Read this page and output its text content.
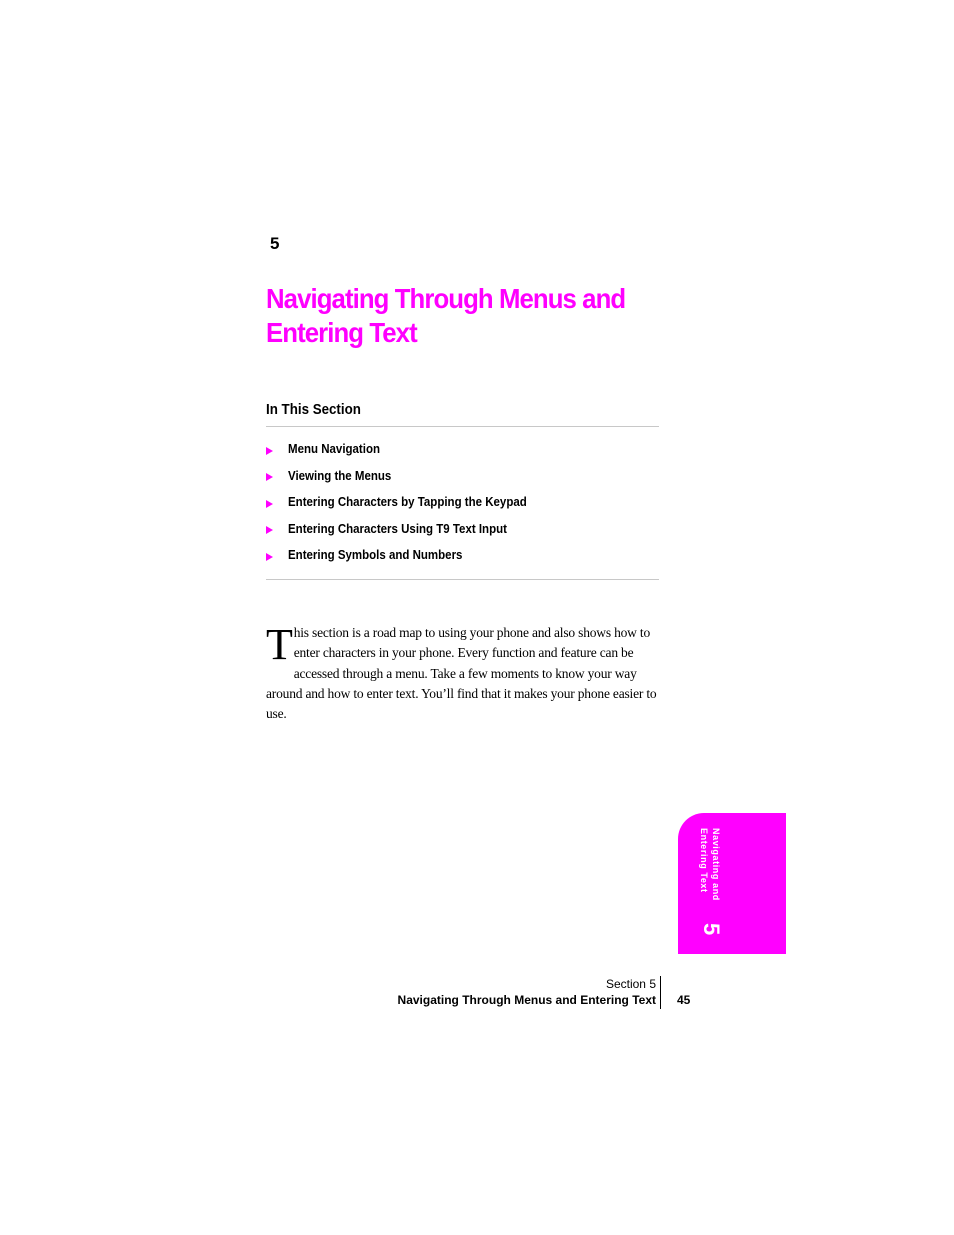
5
Navigating Through Menus and
Entering Text
In This Section
Menu Navigation
Viewing the Menus
Entering Characters by Tapping the Keypad
Entering Characters Using T9 Text Input
Entering Symbols and Numbers
T his section is a road map to using your phone and also shows how to enter characters in your phone. Every function and feature can be accessed through a menu. Take a few moments to know your way around and how to enter text. You’ll find that it makes your phone easier to use.
Navigating and
Entering Text
5
Section 5
Navigating Through Menus and Entering Text 45
